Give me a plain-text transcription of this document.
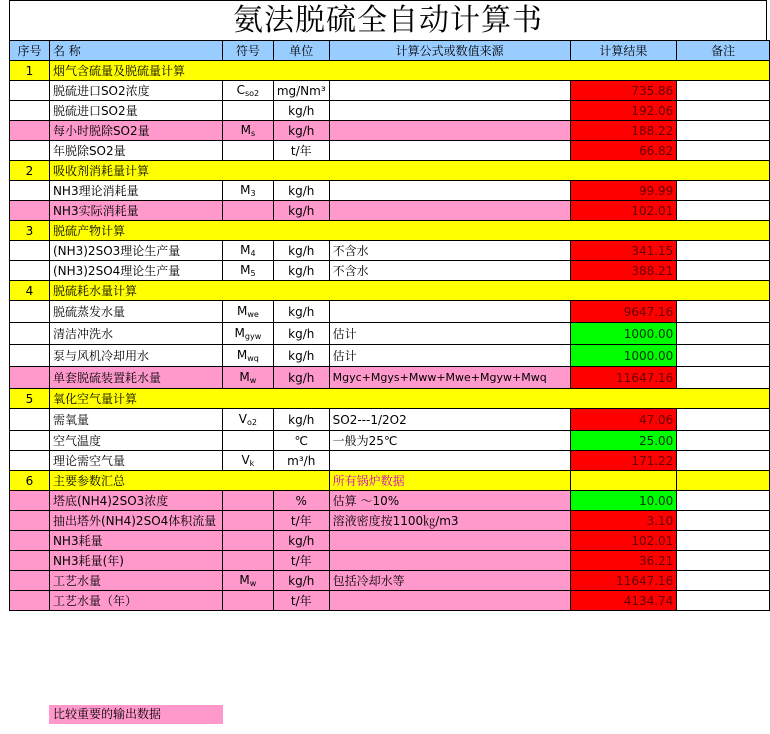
氨法脱硫全自动计算书
序号	名 称	符号	单位	计算公式或数值来源	计算结果	备注
1	烟气含硫量及脱硫量计算					
	脱硫进口SO2浓度	$C_{so2}$	mg/Nm³		735.86	
	脱硫进口SO2量		kg/h		192.06	
	每小时脱除SO2量	$M_s$	kg/h		188.22	
	年脱除SO2量		t/年		66.82	
2	吸收剂消耗量计算					
	NH3理论消耗量	$M_3$	kg/h		99.99	
	NH3实际消耗量		kg/h		102.01	
3	脱硫产物计算					
	(NH3)2SO3理论生产量	$M_4$	kg/h	不含水	341.15	
	(NH3)2SO4理论生产量	$M_5$	kg/h	不含水	388.21	
4	脱硫耗水量计算					
	脱硫蒸发水量	$M_{we}$	kg/h		9647.16	
	清洁冲洗水	$M_{gyw}$	kg/h	估计	1000.00	
	泵与风机冷却用水	$M_{wq}$	kg/h	估计	1000.00	
	单套脱硫装置耗水量	$M_w$	kg/h	Mgyc+Mgys+Mww+Mwe+Mgyw+Mwq	11647.16	
5	氧化空气量计算					
	需氧量	$V_{o2}$	kg/h	SO2---1/2O2	47.06	
	空气温度		℃	一般为25℃	25.00	
	理论需空气量	$V_k$	m³/h		171.22	
6	主要参数汇总			所有锅炉数据		
	塔底(NH4)2SO3浓度		%	估算 ～10%	10.00	
	抽出塔外(NH4)2SO4体积流量		t/年	溶液密度按1100㎏/m3	3.10	
	NH3耗量		kg/h		102.01	
	NH3耗量(年)		t/年		36.21	
	工艺水量	$M_w$	kg/h	包括冷却水等	11647.16	
	工艺水量（年）		t/年		4134.74	
比较重要的输出数据
